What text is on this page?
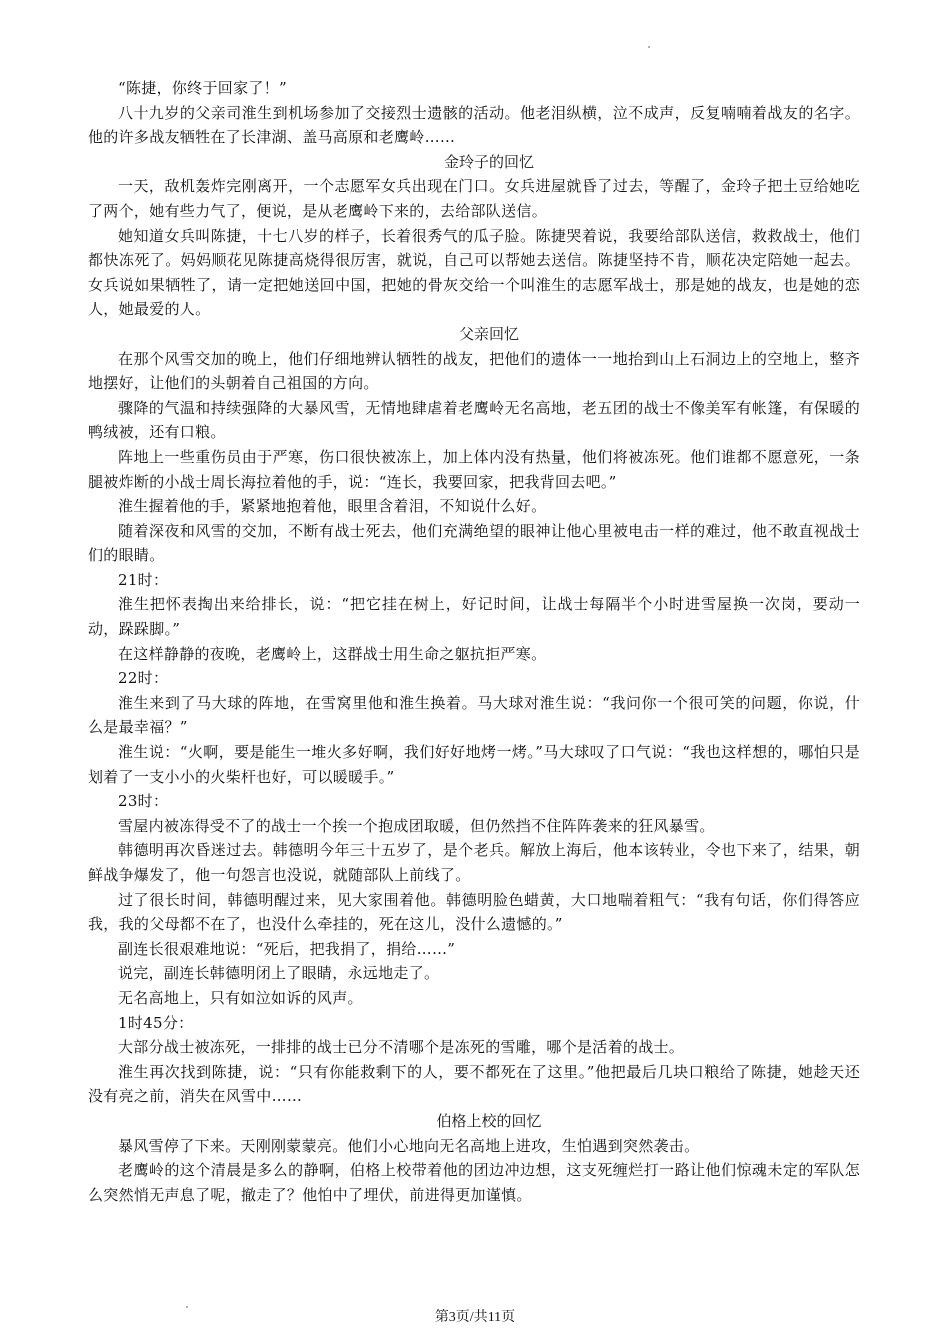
“陈捷，你终于回家了！”

八十九岁的父亲司淮生到机场参加了交接烈士遗骸的活动。他老泪纵横，泣不成声，反复喃喃着战友的名字。他的许多战友牺牲在了长津湖、盖马高原和老鹰岭……

金玲子的回忆

一天，敌机轰炸完刚离开，一个志愿军女兵出现在门口。女兵进屋就昏了过去，等醒了，金玲子把土豆给她吃了两个，她有些力气了，便说，是从老鹰岭下来的，去给部队送信。

她知道女兵叫陈捷，十七八岁的样子，长着很秀气的瓜子脸。陈捷哭着说，我要给部队送信，救救战士，他们都快冻死了。妈妈顺花见陈捷高烧得很厉害，就说，自己可以帮她去送信。陈捷坚持不肯，顺花决定陪她一起去。女兵说如果牺牲了，请一定把她送回中国，把她的骨灰交给一个叫淮生的志愿军战士，那是她的战友，也是她的恋人，她最爱的人。

父亲回忆

在那个风雪交加的晚上，他们仔细地辨认牺牲的战友，把他们的遗体一一地抬到山上石洞边上的空地上，整齐地摆好，让他们的头朝着自己祖国的方向。

骤降的气温和持续强降的大暴风雪，无情地肆虐着老鹰岭无名高地，老五团的战士不像美军有帐篷，有保暖的鸭绒被，还有口粮。

阵地上一些重伤员由于严寒，伤口很快被冻上，加上体内没有热量，他们将被冻死。他们谁都不愿意死，一条腿被炸断的小战士周长海拉着他的手，说：“连长，我要回家，把我背回去吧。”

淮生握着他的手，紧紧地抱着他，眼里含着泪，不知说什么好。

随着深夜和风雪的交加，不断有战士死去，他们充满绝望的眼神让他心里被电击一样的难过，他不敢直视战士们的眼睛。

21时：

淮生把怀表掏出来给排长，说：“把它挂在树上，好记时间，让战士每隔半个小时进雪屋换一次岗，要动一动，跺跺脚。”

在这样静静的夜晚，老鹰岭上，这群战士用生命之躯抗拒严寒。

22时：

淮生来到了马大球的阵地，在雪窝里他和淮生换着。马大球对淮生说：“我问你一个很可笑的问题，你说，什么是最幸福？”

淮生说：“火啊，要是能生一堆火多好啊，我们好好地烤一烤。”马大球叹了口气说：“我也这样想的，哪怕只是划着了一支小小的火柴杆也好，可以暖暖手。”

23时：

雪屋内被冻得受不了的战士一个挨一个抱成团取暖，但仍然挡不住阵阵袭来的狂风暴雪。

韩德明再次昏迷过去。韩德明今年三十五岁了，是个老兵。解放上海后，他本该转业，令也下来了，结果，朝鲜战争爆发了，他一句怨言也没说，就随部队上前线了。

过了很长时间，韩德明醒过来，见大家围着他。韩德明脸色蜡黄，大口地喘着粗气：“我有句话，你们得答应我，我的父母都不在了，也没什么牵挂的，死在这儿，没什么遗憾的。”

副连长很艰难地说：“死后，把我捐了，捐给……”

说完，副连长韩德明闭上了眼睛，永远地走了。

无名高地上，只有如泣如诉的风声。

1时45分：

大部分战士被冻死，一排排的战士已分不清哪个是冻死的雪雕，哪个是活着的战士。

淮生再次找到陈捷，说：“只有你能救剩下的人，要不都死在了这里。”他把最后几块口粮给了陈捷，她趁天还没有亮之前，消失在风雪中……

伯格上校的回忆

暴风雪停了下来。天刚刚蒙蒙亮。他们小心地向无名高地上进攻，生怕遇到突然袭击。

老鹰岭的这个清晨是多么的静啊，伯格上校带着他的团边冲边想，这支死缠烂打一路让他们惊魂未定的军队怎么突然悄无声息了呢，撤走了？他怕中了埋伏，前进得更加谨慎。

第3页/共11页
